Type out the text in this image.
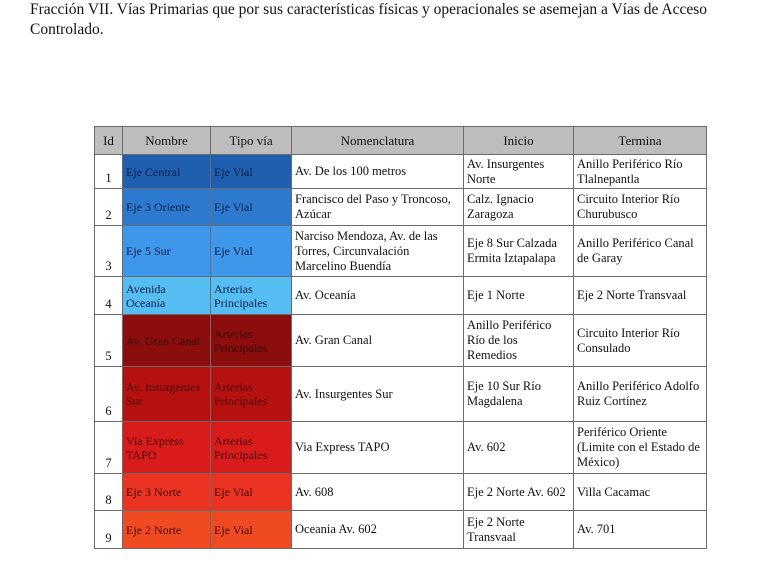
Fracción VII. Vías Primarias que por sus características físicas y operacionales se asemejan a Vías de Acceso Controlado.
Id	Nombre	Tipo vía	Nomenclatura	Inicio	Termina
1	Eje Central	Eje Vial	Av. De los 100 metros	Av. Insurgentes Norte	Anillo Periférico Río Tlalnepantla
2	Eje 3 Oriente	Eje Vial	Francisco del Paso y Troncoso, Azúcar	Calz. Ignacio Zaragoza	Circuito Interior Río Churubusco
3	Eje 5 Sur	Eje Vial	Narciso Mendoza, Av. de las Torres, Circunvalación Marcelino Buendía	Eje 8 Sur Calzada Ermita Iztapalapa	Anillo Periférico Canal de Garay
4	Avenida Oceanía	Arterias Principales	Av. Oceanía	Eje 1 Norte	Eje 2 Norte Transvaal
5	Av. Gran Canal	Arterias Principales	Av. Gran Canal	Anillo Periférico Río de los Remedios	Circuito Interior Río Consulado
6	Av. Insurgentes Sur	Arterias Principales	Av. Insurgentes Sur	Eje 10 Sur Río Magdalena	Anillo Periférico Adolfo Ruiz Cortínez
7	Via Express TAPO	Arterias Principales	Via Express TAPO	Av. 602	Periférico Oriente (Limite con el Estado de México)
8	Eje 3 Norte	Eje Vial	Av. 608	Eje 2 Norte Av. 602	Villa Cacamac
9	Eje 2 Norte	Eje Vial	Oceania Av. 602	Eje 2 Norte Transvaal	Av. 701
